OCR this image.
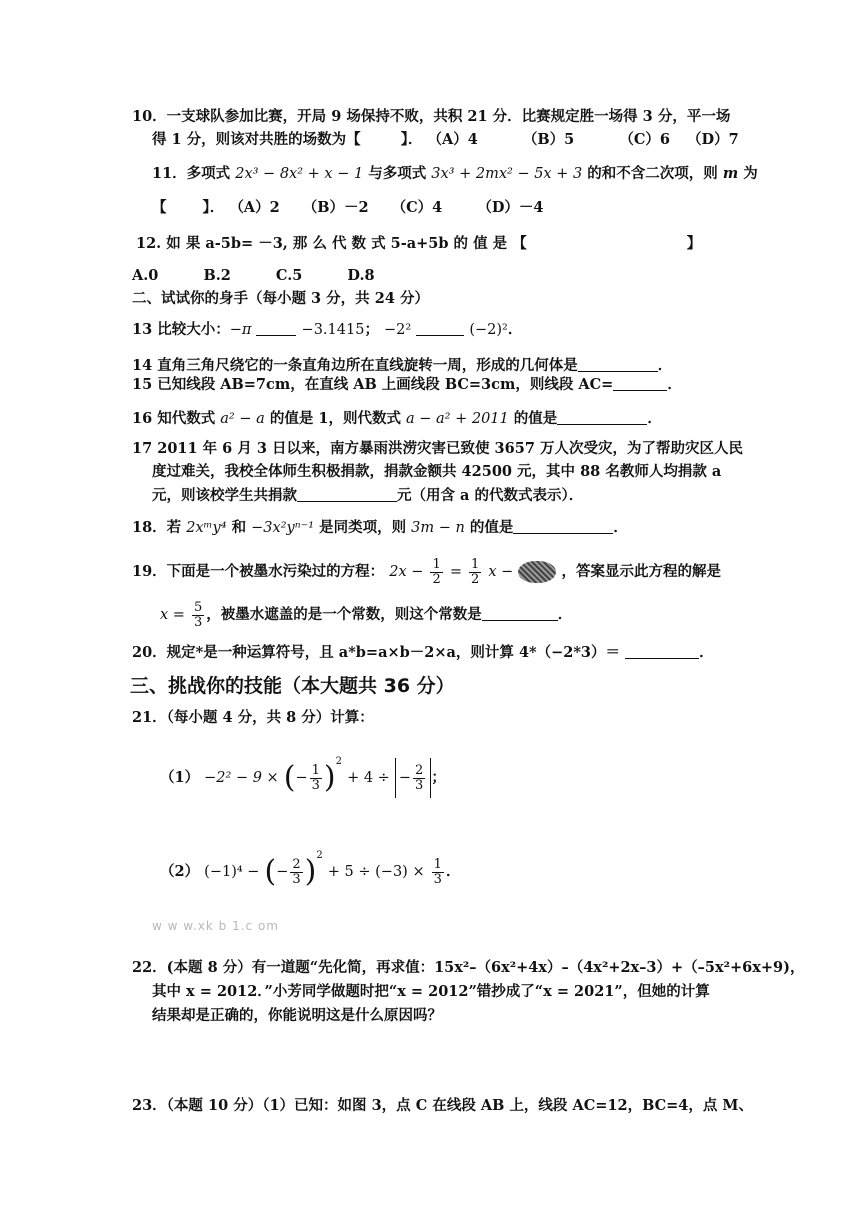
10．一支球队参加比赛，开局 9 场保持不败，共积 21 分．比赛规定胜一场得 3 分，平一场
得 1 分，则该对共胜的场数为【	】． （A）4	（B）5	（C）6 （D）7
11．多项式 2x³ − 8x² + x − 1 与多项式 3x³ + 2mx² − 5x + 3 的和不含二次项，则 m 为
【 】． （A）2 （B）－2 （C）4 （D）－4
12. 如 果 a-5b= －3, 那 么 代 数 式 5-a+5b 的 值 是 【	】
A.0	B.2	C.5	D.8
二、试试你的身手（每小题 3 分，共 24 分）
13 比较大小：−π	−3.1415； −2²	(−2)²．
14 直角三角尺绕它的一条直角边所在直线旋转一周，形成的几何体是	．
15 已知线段 AB=7cm，在直线 AB 上画线段 BC=3cm，则线段 AC=	．
16 知代数式 a² − a 的值是 1，则代数式 a − a² + 2011 的值是	．
17 2011 年 6 月 3 日以来，南方暴雨洪涝灾害已致使 3657 万人次受灾，为了帮助灾区人民
度过难关，我校全体师生积极捐款，捐款金额共 42500 元，其中 88 名教师人均捐款 a
元，则该校学生共捐款	元（用含 a 的代数式表示）．
18．若 2xᵐy⁴ 和 −3x²yⁿ⁻¹ 是同类项，则 3m − n 的值是	．
19．下面是一个被墨水污染过的方程： $2x - \frac{1}{2} = \frac{1}{2}$ x −	，答案显示此方程的解是
$x = \frac{5}{3}$ ，被墨水遮盖的是一个常数，则这个常数是	．
20．规定*是一种运算符号，且 a*b=a×b－2×a，则计算 4*（−2*3）＝	．
三、挑战你的技能（本大题共 36 分）
21．（每小题 4 分，共 8 分）计算：
（1） −2² − 9 × (− $\frac{1}{3} )^2 + 4$ ÷ − $\frac{2}{3}$ ；
（2） (−1)⁴ − (− $\frac{2}{3} )^2 + 5 \div (-3) \times \frac{1}{3}$ ．
w w w.xk b 1.c om
22．(本题 8 分）有一道题“先化简，再求值：15x²–（6x²+4x）–（4x²+2x–3）+（–5x²+6x+9)，
其中 x = 2012．”小芳同学做题时把“x = 2012”错抄成了“x = 2021”，但她的计算
结果却是正确的，你能说明这是什么原因吗？
23．（本题 10 分）（1）已知：如图 3，点 C 在线段 AB 上，线段 AC=12，BC=4，点 M、
